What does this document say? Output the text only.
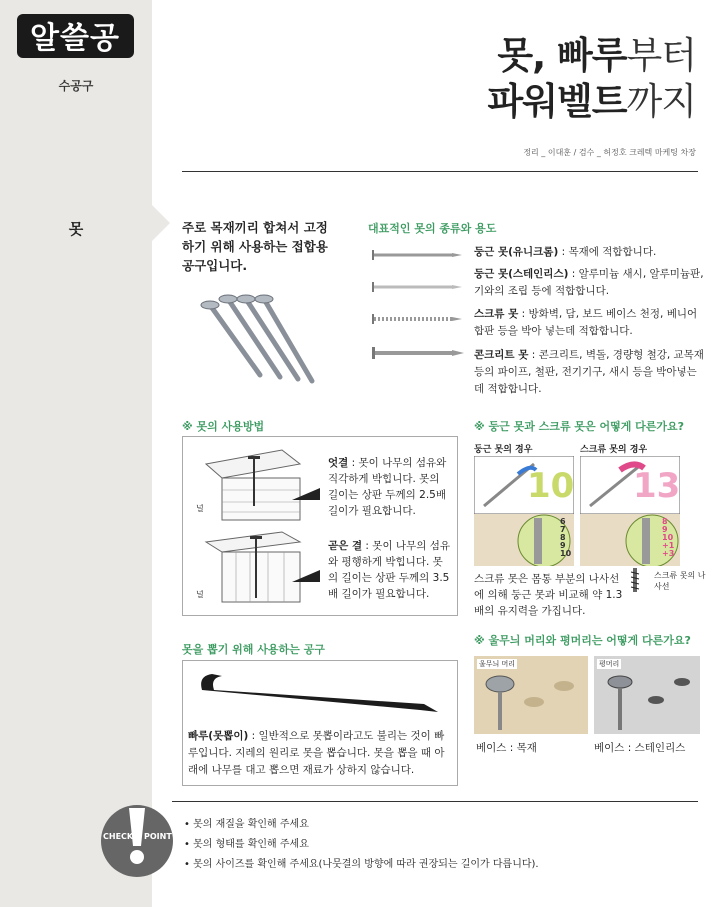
알쓸공
수공구
못
못, 빠루부터
파워벨트까지
정리 _ 이대훈 / 검수 _ 허정호 크레텍 마케팅 차장
주로 목재끼리 합쳐서 고정하기 위해 사용하는 접합용 공구입니다.
대표적인 못의 종류와 용도
둥근 못(유니크롬) : 목재에 적합합니다.
둥근 못(스테인리스) : 알루미늄 새시, 알루미늄판, 기와의 조립 등에 적합합니다.
스크류 못 : 방화벽, 담, 보드 베이스 천정, 베니어합판 등을 박아 넣는데 적합합니다.
콘크리트 못 : 콘크리트, 벽돌, 경량형 철강, 교목재 등의 파이프, 철판, 전기기구, 새시 등을 박아넣는 데 적합합니다.
※ 못의 사용방법
널
엇결 : 못이 나무의 섬유와 직각하게 박힙니다. 못의 길이는 상판 두께의 2.5배 길이가 필요합니다.
널
곧은 결 : 못이 나무의 섬유와 평행하게 박힙니다. 못의 길이는 상판 두께의 3.5배 길이가 필요합니다.
※ 둥근 못과 스크류 못은 어떻게 다른가요?
둥근 못의 경우	스크류 못의 경우
10
6
7
8
9
10
13
8
9
10
+1
+3
스크류 못은 몸통 부분의 나사선에 의해 둥근 못과 비교해 약 1.3배의 유지력을 가집니다.
스크류 못의 나사선
못을 뽑기 위해 사용하는 공구
빠루(못뽑이) : 일반적으로 못뽑이라고도 불리는 것이 빠루입니다. 지레의 원리로 못을 뽑습니다. 못을 뽑을 때 아래에 나무를 대고 뽑으면 재료가 상하지 않습니다.
※ 울무늬 머리와 평머리는 어떻게 다른가요?
울무늬 머리
베이스 : 목재
평머리
베이스 : 스테인리스
CHECK POINT
• 못의 재질을 확인해 주세요
• 못의 형태를 확인해 주세요
• 못의 사이즈를 확인해 주세요(나뭇결의 방향에 따라 권장되는 길이가 다릅니다).
